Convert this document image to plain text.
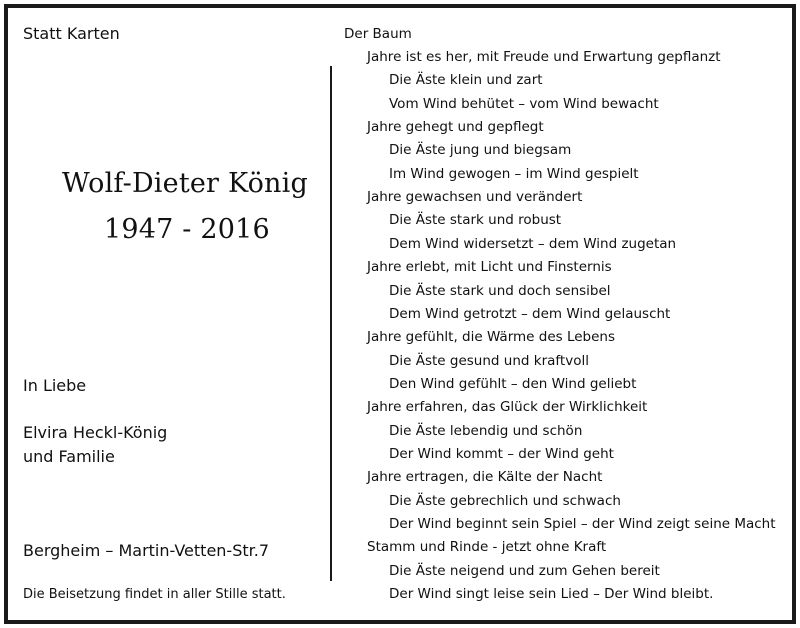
Statt Karten
Wolf-Dieter König
1947 - 2016
In Liebe
Elvira Heckl-König
und Familie
Bergheim – Martin-Vetten-Str.7
Die Beisetzung findet in aller Stille statt.
Der Baum
Jahre ist es her, mit Freude und Erwartung gepflanzt
Die Äste klein und zart
Vom Wind behütet – vom Wind bewacht
Jahre gehegt und gepflegt
Die Äste jung und biegsam
Im Wind gewogen – im Wind gespielt
Jahre gewachsen und verändert
Die Äste stark und robust
Dem Wind widersetzt – dem Wind zugetan
Jahre erlebt, mit Licht und Finsternis
Die Äste stark und doch sensibel
Dem Wind getrotzt – dem Wind gelauscht
Jahre gefühlt, die Wärme des Lebens
Die Äste gesund und kraftvoll
Den Wind gefühlt – den Wind geliebt
Jahre erfahren, das Glück der Wirklichkeit
Die Äste lebendig und schön
Der Wind kommt – der Wind geht
Jahre ertragen, die Kälte der Nacht
Die Äste gebrechlich und schwach
Der Wind beginnt sein Spiel – der Wind zeigt seine Macht
Stamm und Rinde - jetzt ohne Kraft
Die Äste neigend und zum Gehen bereit
Der Wind singt leise sein Lied – Der Wind bleibt.
